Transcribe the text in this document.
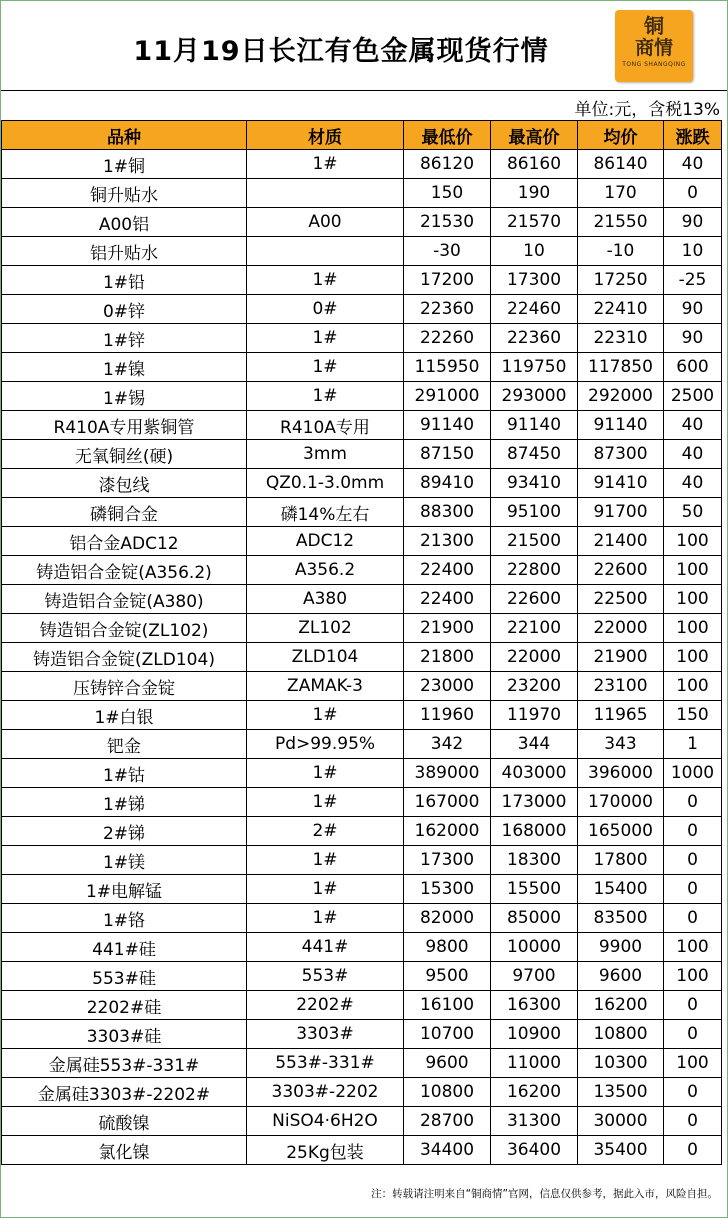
11月19日长江有色金属现货行情
铜
商情
TONG SHANGQING
单位:元，含税13%
品种	材质	最低价	最高价	均价	涨跌
1#铜	1#	86120	86160	86140	40
铜升贴水		150	190	170	0
A00铝	A00	21530	21570	21550	90
铝升贴水		-30	10	-10	10
1#铅	1#	17200	17300	17250	-25
0#锌	0#	22360	22460	22410	90
1#锌	1#	22260	22360	22310	90
1#镍	1#	115950	119750	117850	600
1#锡	1#	291000	293000	292000	2500
R410A专用紫铜管	R410A专用	91140	91140	91140	40
无氧铜丝(硬)	3mm	87150	87450	87300	40
漆包线	QZ0.1-3.0mm	89410	93410	91410	40
磷铜合金	磷14%左右	88300	95100	91700	50
铝合金ADC12	ADC12	21300	21500	21400	100
铸造铝合金锭(A356.2)	A356.2	22400	22800	22600	100
铸造铝合金锭(A380)	A380	22400	22600	22500	100
铸造铝合金锭(ZL102)	ZL102	21900	22100	22000	100
铸造铝合金锭(ZLD104)	ZLD104	21800	22000	21900	100
压铸锌合金锭	ZAMAK-3	23000	23200	23100	100
1#白银	1#	11960	11970	11965	150
钯金	Pd>99.95%	342	344	343	1
1#钴	1#	389000	403000	396000	1000
1#锑	1#	167000	173000	170000	0
2#锑	2#	162000	168000	165000	0
1#镁	1#	17300	18300	17800	0
1#电解锰	1#	15300	15500	15400	0
1#铬	1#	82000	85000	83500	0
441#硅	441#	9800	10000	9900	100
553#硅	553#	9500	9700	9600	100
2202#硅	2202#	16100	16300	16200	0
3303#硅	3303#	10700	10900	10800	0
金属硅553#-331#	553#-331#	9600	11000	10300	100
金属硅3303#-2202#	3303#-2202	10800	16200	13500	0
硫酸镍	NiSO4·6H2O	28700	31300	30000	0
氯化镍	25Kg包装	34400	36400	35400	0
注：转载请注明来自“铜商情”官网，信息仅供参考，据此入市，风险自担。
